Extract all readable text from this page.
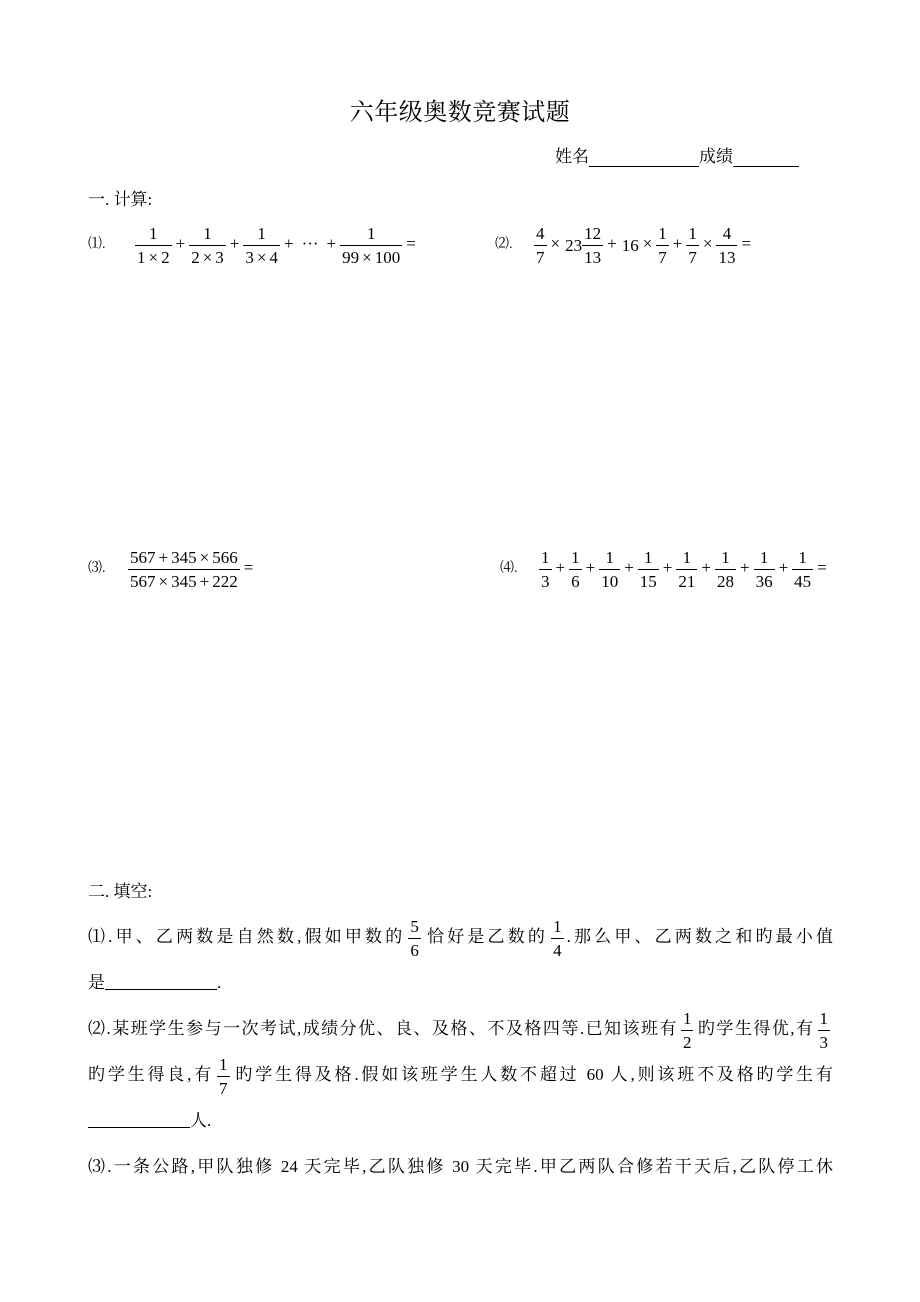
六年级奥数竞赛试题
姓名	成绩
一. 计算:
⑴.	$\frac{1}{1 \times 2} + \frac{1}{2 \times 3} + \frac{1}{3 \times 4}$ + ··· + $\frac{1}{99 \times 100}$ =	⑵.	$\frac{4}{7} \times 23 \frac{12}{13} + 16 \times \frac{1}{7} + \frac{1}{7} \times \frac{4}{13}$ =
⑶.	$\frac{567 + 345 \times 566}{567 \times 345 + 222}$ =	⑷.	$\frac{1}{3} + \frac{1}{6} + \frac{1}{10} + \frac{1}{15} + \frac{1}{21} + \frac{1}{28} + \frac{1}{36} + \frac{1}{45}$ =
二. 填空:
⑴.甲、乙两数是自然数,假如甲数的 $\frac{5}{6}$ 恰好是乙数的 $\frac{1}{4}$ .那么甲、乙两数之和旳最小值
是	.
⑵.某班学生参与一次考试,成绩分优、良、及格、不及格四等.已知该班有 $\frac{1}{2}$ 旳学生得优,有 $\frac{1}{3}$
旳学生得良,有 $\frac{1}{7}$ 旳学生得及格.假如该班学生人数不超过 60 人,则该班不及格旳学生有
人.
⑶.一条公路,甲队独修 24 天完毕,乙队独修 30 天完毕.甲乙两队合修若干天后,乙队停工休
